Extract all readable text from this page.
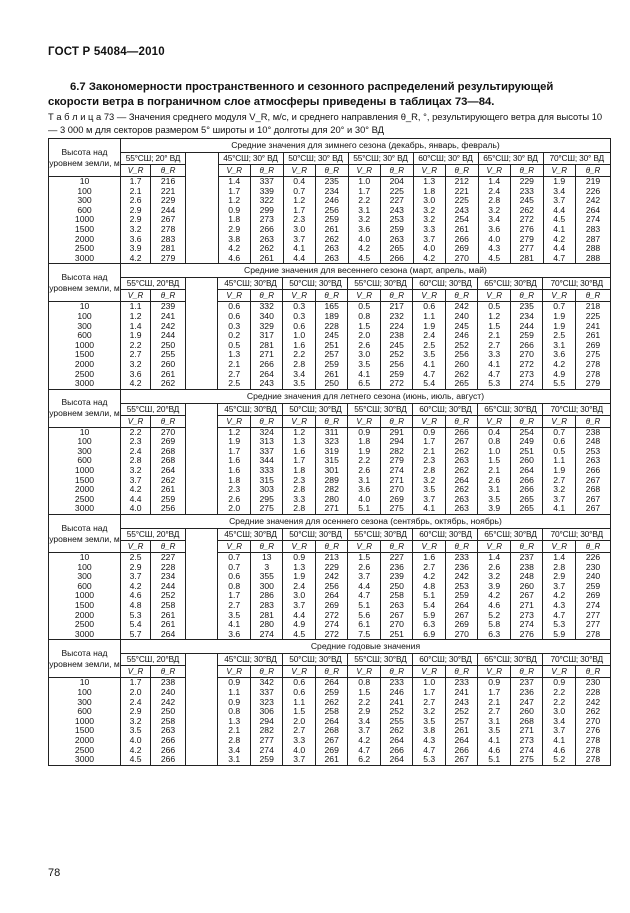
ГОСТ Р 54084—2010
6.7 Закономерности пространственного и сезонного распределений результирующей скорости ветра в пограничном слое атмосферы приведены в таблицах 73—84.
Т а б л и ц а 73 — Значения среднего модуля V_R, м/с, и среднего направления θ_R, °, результирующего ветра для высоты 10 — 3 000 м для секторов размером 5° широты и 10° долготы для 20° и 30° ВД
Высота над уровнем земли, м	Средние значения для зимнего сезона (декабрь, январь, февраль)														
	55°СШ; 20° ВД			45°СШ; 30° ВД		50°СШ; 30° ВД		55°СШ; 30° ВД		60°СШ; 30° ВД		65°СШ; 30° ВД		70°СШ; 30° ВД	
	V_R	θ_R		V_R	θ_R	V_R	θ_R	V_R	θ_R	V_R	θ_R	V_R	θ_R	V_R	θ_R
10	1.7	216		1.4	337	0.4	235	1.0	204	1.3	212	1.4	229	1.9	219
100	2.1	221		1.7	339	0.7	234	1.7	225	1.8	221	2.4	233	3.4	226
300	2.6	229		1.2	322	1.2	246	2.2	227	3.0	225	2.8	245	3.7	242
600	2.9	244		0.9	299	1.7	256	3.1	243	3.2	243	3.2	262	4.4	264
1000	2.9	267		1.8	273	2.3	259	3.2	253	3.2	254	3.4	272	4.5	274
1500	3.2	278		2.9	266	3.0	261	3.6	259	3.3	261	3.6	276	4.1	283
2000	3.6	283		3.8	263	3.7	262	4.0	263	3.7	266	4.0	279	4.2	287
2500	3.9	281		4.2	262	4.1	263	4.2	265	4.0	269	4.3	277	4.4	288
3000	4.2	279		4.6	261	4.4	263	4.5	266	4.2	270	4.5	281	4.7	288
Высота над уровнем земли, м	Средние значения для весеннего сезона (март, апрель, май)														
	55°СШ, 20°ВД			45°СШ; 30°ВД		50°СШ; 30°ВД		55°СШ; 30°ВД		60°СШ; 30°ВД		65°СШ; 30°ВД		70°СШ; 30°ВД	
	V_R	θ_R		V_R	θ_R	V_R	θ_R	V_R	θ_R	V_R	θ_R	V_R	θ_R	V_R	θ_R
10	1.1	239		0.6	332	0.3	165	0.5	217	0.6	242	0.5	235	0.7	218
100	1.2	241		0.6	340	0.3	189	0.8	232	1.1	240	1.2	234	1.9	225
300	1.4	242		0.3	329	0.6	228	1.5	224	1.9	245	1.5	244	1.9	241
600	1.9	244		0.2	317	1.0	245	2.0	238	2.4	246	2.1	259	2.5	261
1000	2.2	250		0.5	281	1.6	251	2.6	245	2.5	252	2.7	266	3.1	269
1500	2.7	255		1.3	271	2.2	257	3.0	252	3.5	256	3.3	270	3.6	275
2000	3.2	260		2.1	266	2.8	259	3.5	256	4.1	260	4.1	272	4.2	278
2500	3.6	261		2.7	264	3.4	261	4.1	259	4.7	262	4.7	273	4.9	278
3000	4.2	262		2.5	243	3.5	250	6.5	272	5.4	265	5.3	274	5.5	279
Высота над уровнем земли, м	Средние значения для летнего сезона (июнь, июль, август)														
	55°СШ, 20°ВД			45°СШ; 30°ВД		50°СШ; 30°ВД		55°СШ; 30°ВД		60°СШ; 30°ВД		65°СШ; 30°ВД		70°СШ; 30°ВД	
	V_R	θ_R		V_R	θ_R	V_R	θ_R	V_R	θ_R	V_R	θ_R	V_R	θ_R	V_R	θ_R
10	2.2	270		1.2	324	1.2	311	0.9	291	0.9	266	0.4	254	0.7	238
100	2.3	269		1.9	313	1.3	323	1.8	294	1.7	267	0.8	249	0.6	248
300	2.4	268		1.7	337	1.6	319	1.9	282	2.1	262	1.0	251	0.5	253
600	2.8	268		1.6	344	1.7	315	2.2	279	2.3	263	1.5	260	1.1	263
1000	3.2	264		1.6	333	1.8	301	2.6	274	2.8	262	2.1	264	1.9	266
1500	3.7	262		1.8	315	2.3	289	3.1	271	3.2	264	2.6	266	2.7	267
2000	4.2	261		2.3	303	2.8	282	3.6	270	3.5	262	3.1	266	3.2	268
2500	4.4	259		2.6	295	3.3	280	4.0	269	3.7	263	3.5	265	3.7	267
3000	4.0	256		2.0	275	2.8	271	5.1	275	4.1	263	3.9	265	4.1	267
Высота над уровнем земли, м	Средние значения для осеннего сезона (сентябрь, октябрь, ноябрь)														
	55°СШ, 20°ВД			45°СШ; 30°ВД		50°СШ; 30°ВД		55°СШ; 30°ВД		60°СШ; 30°ВД		65°СШ; 30°ВД		70°СШ; 30°ВД	
	V_R	θ_R		V_R	θ_R	V_R	θ_R	V_R	θ_R	V_R	θ_R	V_R	θ_R	V_R	θ_R
10	2.5	227		0.7	13	0.9	213	1.5	227	1.6	233	1.4	237	1.4	226
100	2.9	228		0.7	3	1.3	229	2.6	236	2.7	236	2.6	238	2.8	230
300	3.7	234		0.6	355	1.9	242	3.7	239	4.2	242	3.2	248	2.9	240
600	4.2	244		0.8	300	2.4	256	4.4	250	4.8	253	3.9	260	3.7	259
1000	4.6	252		1.7	286	3.0	264	4.7	258	5.1	259	4.2	267	4.2	269
1500	4.8	258		2.7	283	3.7	269	5.1	263	5.4	264	4.6	271	4.3	274
2000	5.3	261		3.5	281	4.4	272	5.6	267	5.9	267	5.2	273	4.7	277
2500	5.4	261		4.1	280	4.9	274	6.1	270	6.3	269	5.8	274	5.3	277
3000	5.7	264		3.6	274	4.5	272	7.5	251	6.9	270	6.3	276	5.9	278
Высота над уровнем земли, м	Средние годовые значения														
	55°СШ, 20°ВД			45°СШ; 30°ВД		50°СШ; 30°ВД		55°СШ; 30°ВД		60°СШ; 30°ВД		65°СШ; 30°ВД		70°СШ; 30°ВД	
	V_R	θ_R		V_R	θ_R	V_R	θ_R	V_R	θ_R	V_R	θ_R	V_R	θ_R	V_R	θ_R
10	1.7	238		0.9	342	0.6	264	0.8	233	1.0	233	0.9	237	0.9	230
100	2.0	240		1.1	337	0.6	259	1.5	246	1.7	241	1.7	236	2.2	228
300	2.4	242		0.9	323	1.1	262	2.2	241	2.7	243	2.1	247	2.2	242
600	2.9	250		0.8	306	1.5	258	2.9	252	3.2	252	2.7	260	3.0	262
1000	3.2	258		1.3	294	2.0	264	3.4	255	3.5	257	3.1	268	3.4	270
1500	3.5	263		2.1	282	2.7	268	3.7	262	3.8	261	3.5	271	3.7	276
2000	4.0	266		2.8	277	3.3	267	4.2	264	4.3	264	4.1	273	4.1	278
2500	4.2	266		3.4	274	4.0	269	4.7	266	4.7	266	4.6	274	4.6	278
3000	4.5	266		3.1	259	3.7	261	6.2	264	5.3	267	5.1	275	5.2	278
78
